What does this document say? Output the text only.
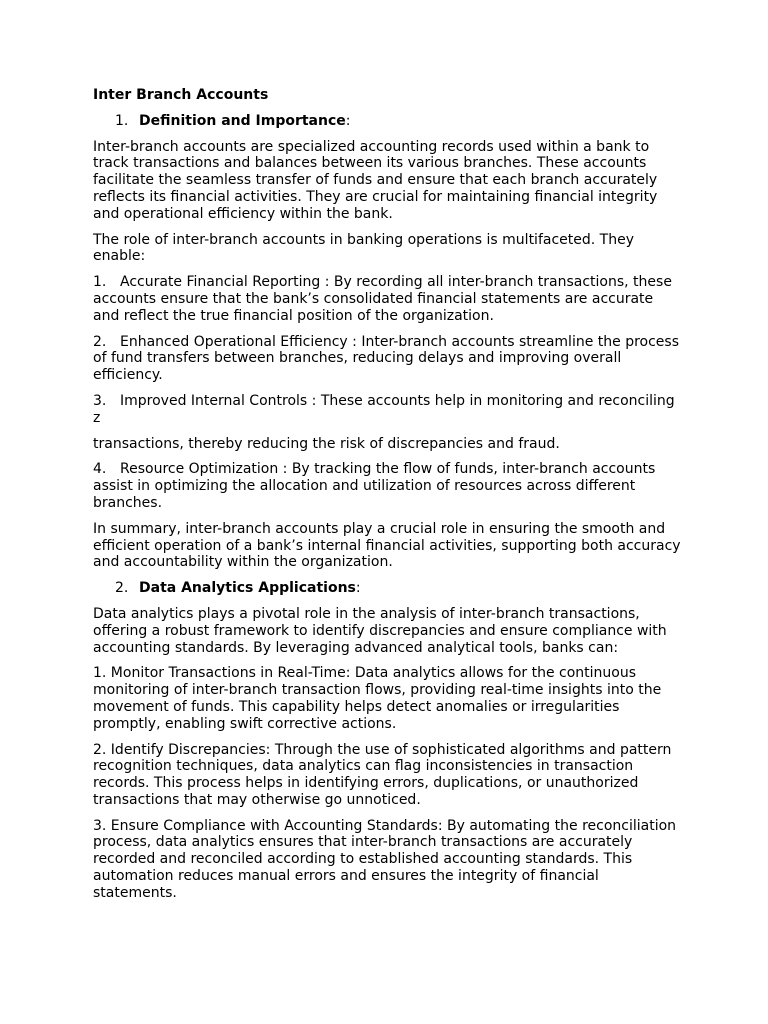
Inter Branch Accounts
1. Definition and Importance:

Inter-branch accounts are specialized accounting records used within a bank to track transactions and balances between its various branches. These accounts facilitate the seamless transfer of funds and ensure that each branch accurately reflects its financial activities. They are crucial for maintaining financial integrity and operational efficiency within the bank.

The role of inter-branch accounts in banking operations is multifaceted. They enable:

1. Accurate Financial Reporting : By recording all inter-branch transactions, these accounts ensure that the bank’s consolidated financial statements are accurate and reflect the true financial position of the organization.

2. Enhanced Operational Efficiency : Inter-branch accounts streamline the process of fund transfers between branches, reducing delays and improving overall efficiency.

3. Improved Internal Controls : These accounts help in monitoring and reconciling z

transactions, thereby reducing the risk of discrepancies and fraud.

4. Resource Optimization : By tracking the flow of funds, inter-branch accounts assist in optimizing the allocation and utilization of resources across different branches.

In summary, inter-branch accounts play a crucial role in ensuring the smooth and efficient operation of a bank’s internal financial activities, supporting both accuracy and accountability within the organization.

2. Data Analytics Applications:

Data analytics plays a pivotal role in the analysis of inter-branch transactions, offering a robust framework to identify discrepancies and ensure compliance with accounting standards. By leveraging advanced analytical tools, banks can:

1. Monitor Transactions in Real-Time: Data analytics allows for the continuous monitoring of inter-branch transaction flows, providing real-time insights into the movement of funds. This capability helps detect anomalies or irregularities promptly, enabling swift corrective actions.

2. Identify Discrepancies: Through the use of sophisticated algorithms and pattern recognition techniques, data analytics can flag inconsistencies in transaction records. This process helps in identifying errors, duplications, or unauthorized transactions that may otherwise go unnoticed.

3. Ensure Compliance with Accounting Standards: By automating the reconciliation process, data analytics ensures that inter-branch transactions are accurately recorded and reconciled according to established accounting standards. This automation reduces manual errors and ensures the integrity of financial statements.
